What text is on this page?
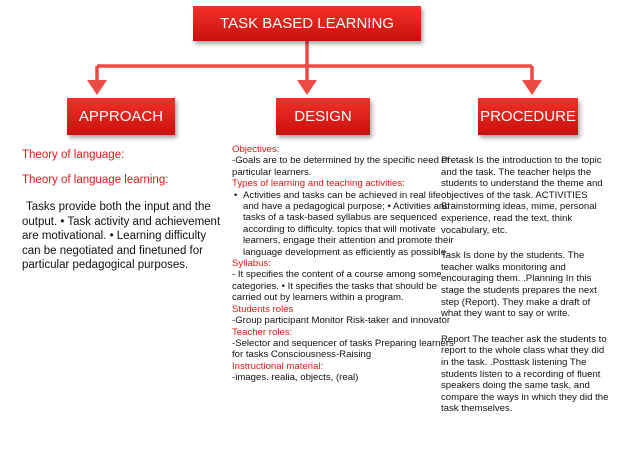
TASK BASED LEARNING
APPROACH	DESIGN	PROCEDURE
Theory of language:
Theory of language learning:
Tasks provide both the input and the output. • Task activity and achievement are motivational. • Learning difficulty can be negotiated and finetuned for particular pedagogical purposes.
Objectives:
-Goals are to be determined by the specific need of particular learners.
Types of learning and teaching activities:
• Activities and tasks can be achieved in real life and have a pedagogical purpose; • Activities and tasks of a task-based syllabus are sequenced according to difficulty. topics that will motivate learners, engage their attention and promote their language development as efficiently as possible
Syllabus:
- It specifies the content of a course among some categories. • It specifies the tasks that should be carried out by learners within a program.
Students roles
-Group participant Monitor Risk-taker and innovator
Teacher roles:
-Selector and sequencer of tasks Preparing learners for tasks Consciousness-Raising
Instructional material:
-images. realia, objects, (real)
Pretask Is the introduction to the topic and the task. The teacher helps the students to understand the theme and objectives of the task. ACTIVITIES Brainstorming ideas, mime, personal experience, read the text, think vocabulary, etc.
Task Is done by the students. The teacher walks monitoring and encouraging them. .Planning In this stage the students prepares the next step (Report). They make a draft of what they want to say or write.
Report The teacher ask the students to report to the whole class what they did in the task. .Posttask listening The students listen to a recording of fluent speakers doing the same task, and compare the ways in which they did the task themselves.
